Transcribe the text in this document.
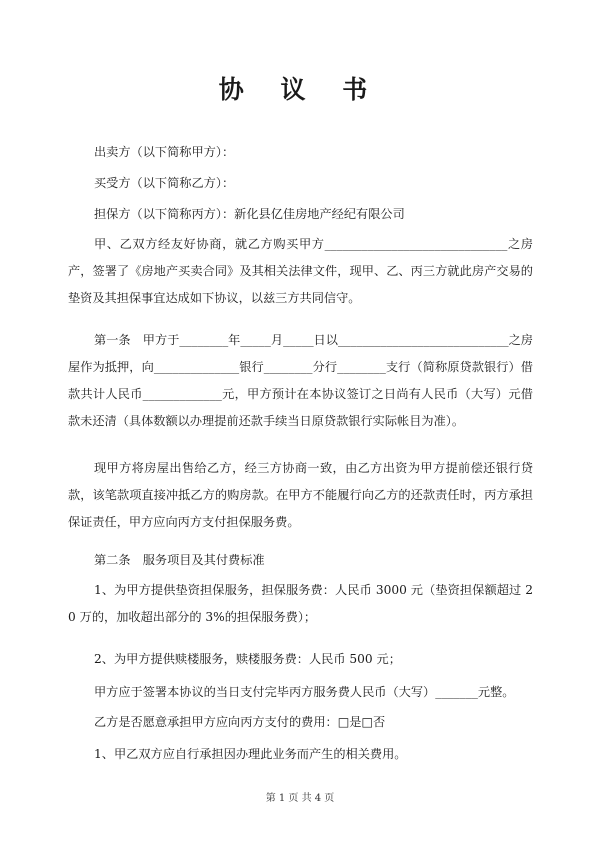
协 议 书
出卖方（以下简称甲方）：
买受方（以下简称乙方）：
担保方（以下简称丙方）：新化县亿佳房地产经纪有限公司
甲、乙双方经友好协商，就乙方购买甲方______________________________之房产，签署了《房地产买卖合同》及其相关法律文件，现甲、乙、丙三方就此房产交易的垫资及其担保事宜达成如下协议，以兹三方共同信守。
第一条　甲方于________年_____月_____日以____________________________之房屋作为抵押，向______________银行________分行________支行（简称原贷款银行）借款共计人民币_____________元，甲方预计在本协议签订之日尚有人民币（大写）元借款未还清（具体数额以办理提前还款手续当日原贷款银行实际帐目为准）。
现甲方将房屋出售给乙方，经三方协商一致，由乙方出资为甲方提前偿还银行贷款，该笔款项直接冲抵乙方的购房款。在甲方不能履行向乙方的还款责任时，丙方承担保证责任，甲方应向丙方支付担保服务费。
第二条　服务项目及其付费标准
1、为甲方提供垫资担保服务，担保服务费：人民币 3000 元（垫资担保额超过 20 万的，加收超出部分的 3%的担保服务费）；
2、为甲方提供赎楼服务，赎楼服务费：人民币 500 元；
甲方应于签署本协议的当日支付完毕丙方服务费人民币（大写）_______元整。
乙方是否愿意承担甲方应向丙方支付的费用：□是□否
1、甲乙双方应自行承担因办理此业务而产生的相关费用。
第 1 页 共 4 页
